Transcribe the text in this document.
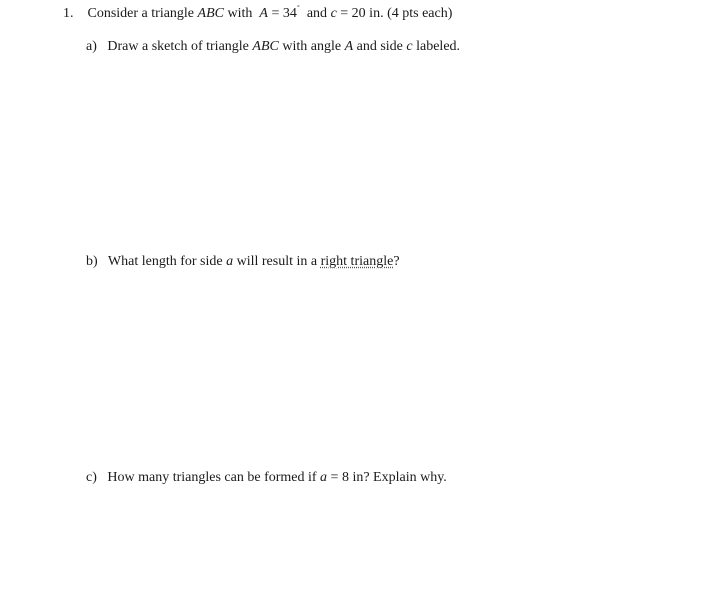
1. Consider a triangle ABC with A = 34˚ and c = 20 in. (4 pts each)
a) Draw a sketch of triangle ABC with angle A and side c labeled.
b) What length for side a will result in a right triangle?
c) How many triangles can be formed if a = 8 in? Explain why.
